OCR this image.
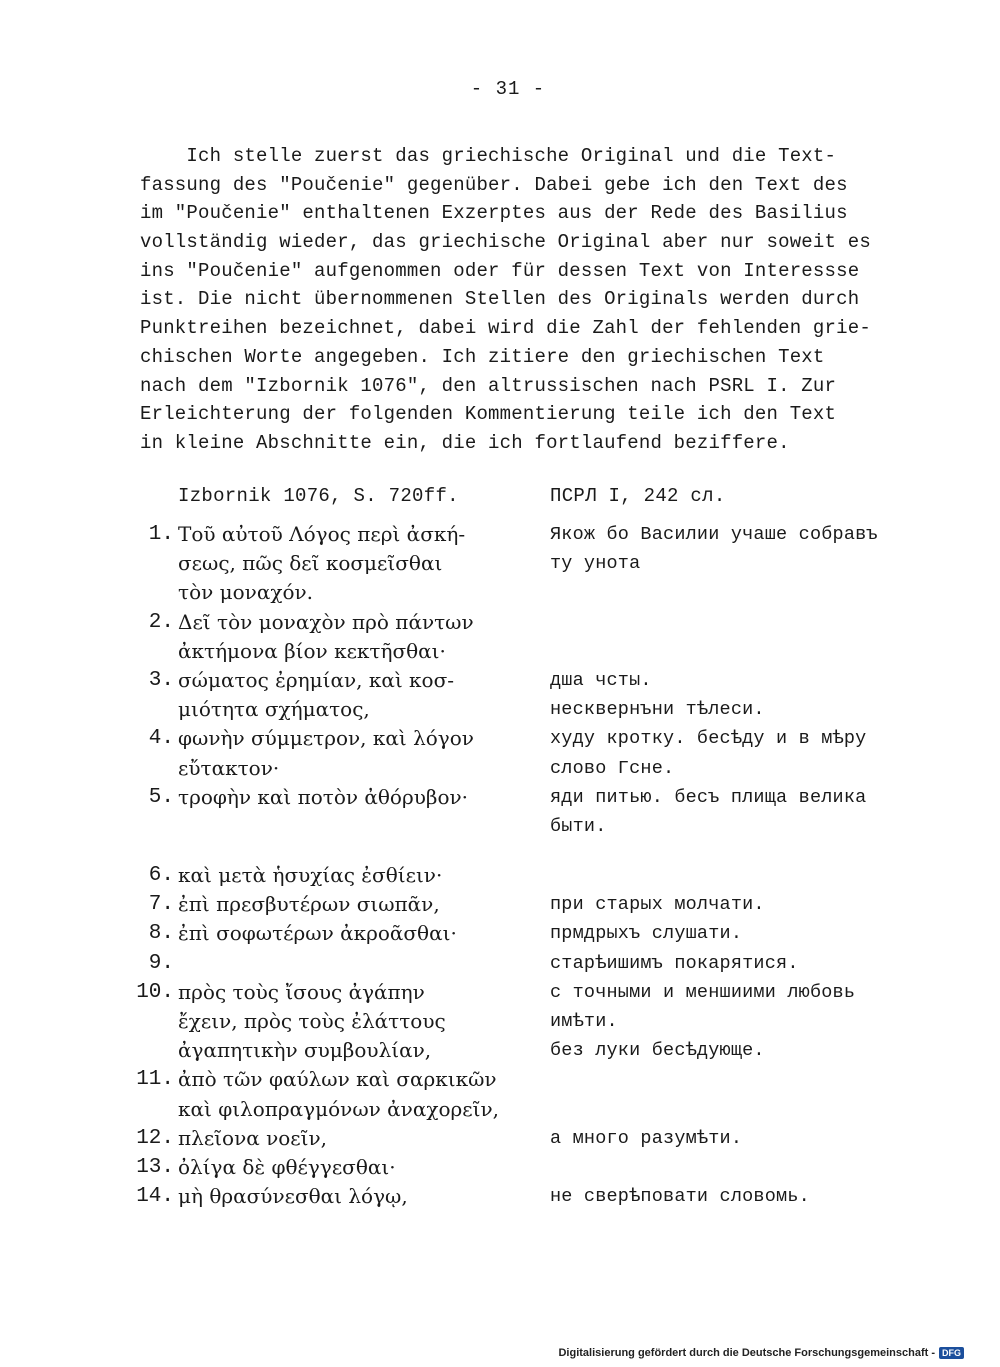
- 31 -
Ich stelle zuerst das griechische Original und die Text-
fassung des "Poučenie" gegenüber. Dabei gebe ich den Text des
im "Poučenie" enthaltenen Exzerptes aus der Rede des Basilius
vollständig wieder, das griechische Original aber nur soweit es
ins "Poučenie" aufgenommen oder für dessen Text von Interessse
ist. Die nicht übernommenen Stellen des Originals werden durch
Punktreihen bezeichnet, dabei wird die Zahl der fehlenden grie-
chischen Worte angegeben. Ich zitiere den griechischen Text
nach dem "Izbornik 1076", den altrussischen nach PSRL I. Zur
Erleichterung der folgenden Kommentierung teile ich den Text
in kleine Abschnitte ein, die ich fortlaufend beziffere.
Izbornik 1076, S. 720ff.	ПСРЛ I, 242 сл.
1. Τοῦ αὐτοῦ Λόγος περὶ ἀσκή-	Якож бо Василии учаше собравъ
σεως, πῶς δεῖ κοσμεῖσθαι	ту унота
τὸν μοναχόν.
2. Δεῖ τὸν μοναχὸν πρὸ πάντων
ἀκτήμονα βίον κεκτῆσθαι·
3. σώματος ἐρημίαν, καὶ κοσ-	дша чсты.
μιότητα σχήματος,	несквернъни тѣлеси.
4. φωνὴν σύμμετρον, καὶ λόγον	худу кротку. бесѣду и в мѣру
εὔτακτον·	слово Гсне.
5. τροφὴν καὶ ποτὸν ἀθόρυβον·	яди питью. бесъ плища велика
быти.
6. καὶ μετὰ ἡσυχίας ἐσθίειν·
7. ἐπὶ πρεσβυτέρων σιωπᾶν,	при старых молчати.
8. ἐπὶ σοφωτέρων ἀκροᾶσθαι·	прмдрыхъ слушати.
9.	старѣишимъ покарятися.
10. πρὸς τοὺς ἴσους ἀγάπην	с точными и меншиими любовь
ἔχειν, πρὸς τοὺς ἐλάττους	имѣти.
ἀγαπητικὴν συμβουλίαν,	без луки бесѣдующе.
11. ἀπὸ τῶν φαύλων καὶ σαρκικῶν
καὶ φιλοπραγμόνων ἀναχορεῖν,
12. πλεῖονα νοεῖν,	а много разумѣти.
13. ὀλίγα δὲ φθέγγεσθαι·
14. μὴ θρασύνεσθαι λόγῳ,	не сверѣповати словомь.
Digitalisierung gefördert durch die Deutsche Forschungsgemeinschaft - DFG
